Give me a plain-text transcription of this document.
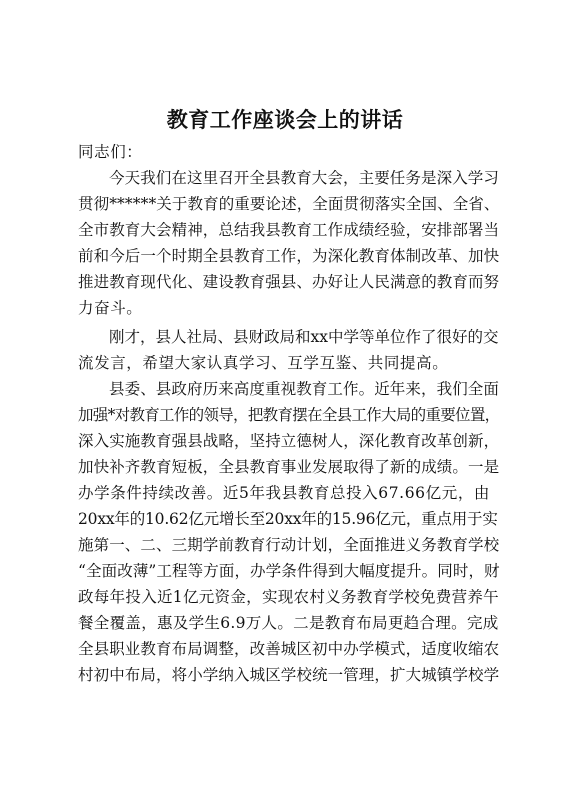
教育工作座谈会上的讲话
同志们：
今天我们在这里召开全县教育大会，主要任务是深入学习
贯彻******关于教育的重要论述，全面贯彻落实全国、全省、
全市教育大会精神，总结我县教育工作成绩经验，安排部署当
前和今后一个时期全县教育工作，为深化教育体制改革、加快
推进教育现代化、建设教育强县、办好让人民满意的教育而努
力奋斗。
刚才，县人社局、县财政局和xx中学等单位作了很好的交
流发言，希望大家认真学习、互学互鉴、共同提高。
县委、县政府历来高度重视教育工作。近年来，我们全面
加强*对教育工作的领导，把教育摆在全县工作大局的重要位置，
深入实施教育强县战略，坚持立德树人，深化教育改革创新，
加快补齐教育短板，全县教育事业发展取得了新的成绩。一是
办学条件持续改善。近5年我县教育总投入67.66亿元，由
20xx年的10.62亿元增长至20xx年的15.96亿元，重点用于实
施第一、二、三期学前教育行动计划，全面推进义务教育学校
“全面改薄”工程等方面，办学条件得到大幅度提升。同时，财
政每年投入近1亿元资金，实现农村义务教育学校免费营养午
餐全覆盖，惠及学生6.9万人。二是教育布局更趋合理。完成
全县职业教育布局调整，改善城区初中办学模式，适度收缩农
村初中布局，将小学纳入城区学校统一管理，扩大城镇学校学
